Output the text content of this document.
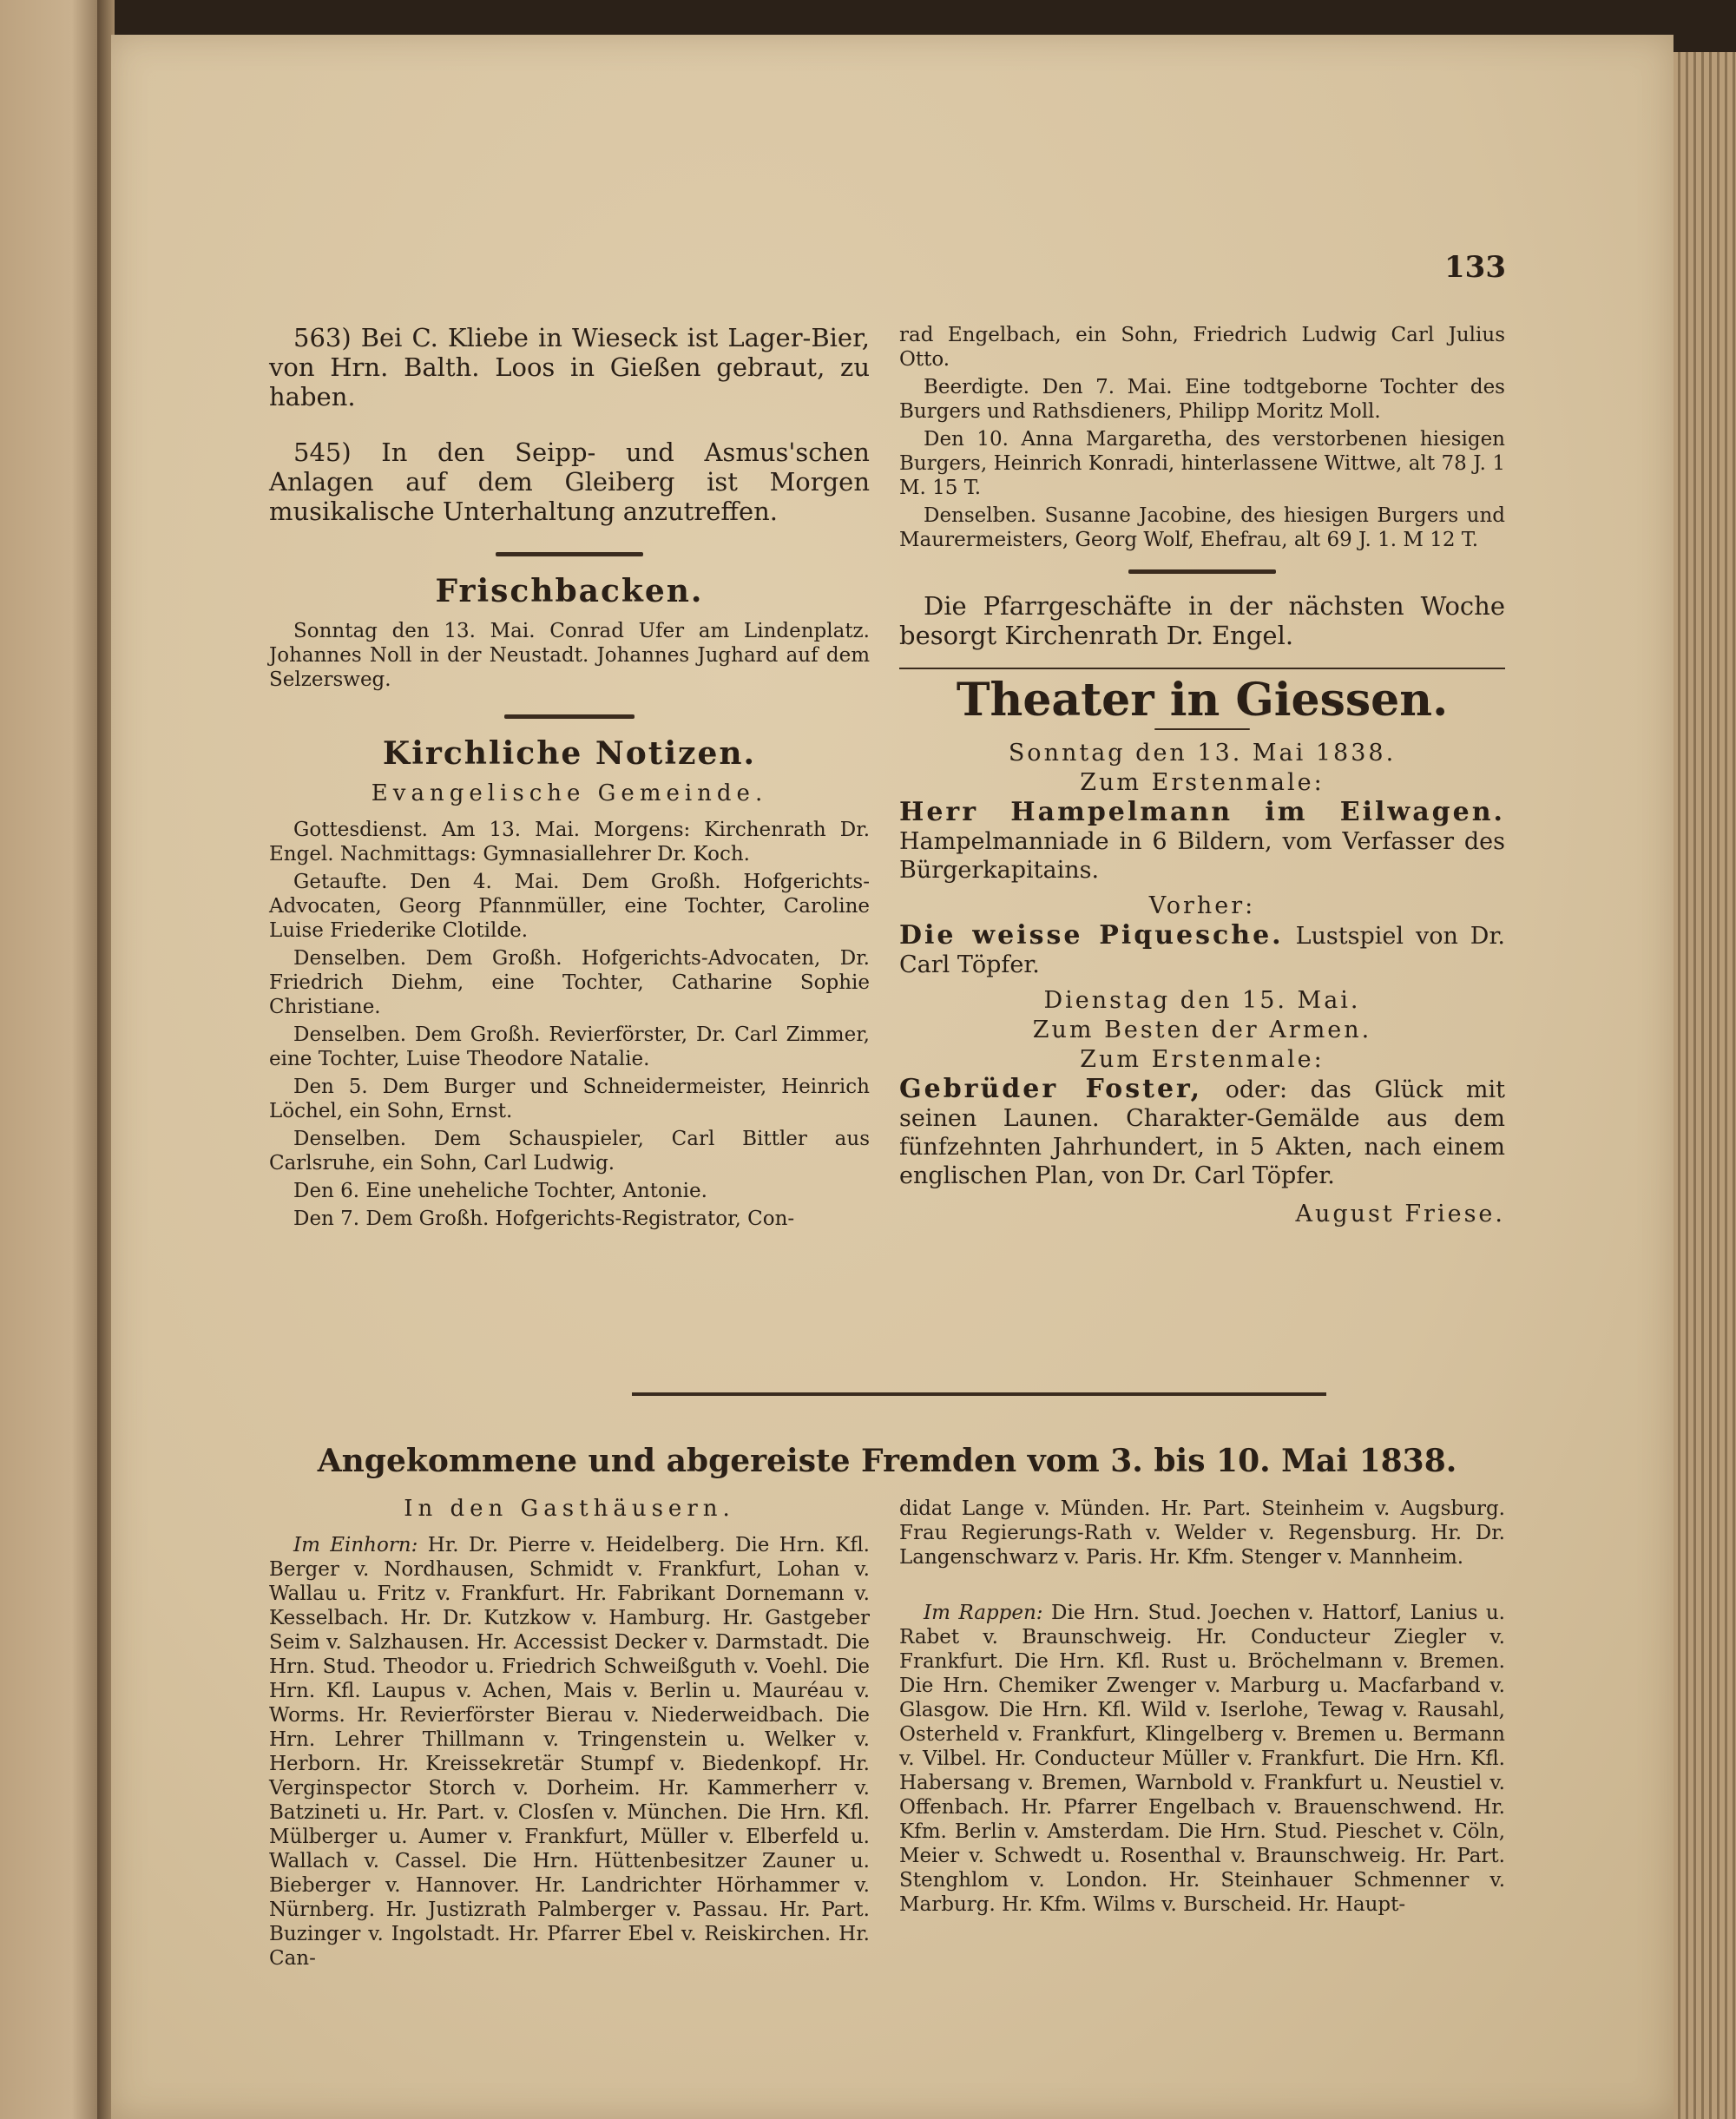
133

563) Bei C. Kliebe in Wieseck ist Lager-Bier, von Hrn. Balth. Loos in Gießen gebraut, zu haben.

545) In den Seipp- und Asmus'schen Anlagen auf dem Gleiberg ist Morgen musikalische Unterhaltung anzutreffen.

Frischbacken.

Sonntag den 13. Mai. Conrad Ufer am Lindenplatz. Johannes Noll in der Neustadt. Johannes Jughard auf dem Selzersweg.

Kirchliche Notizen.
Evangelische Gemeinde.

Gottesdienst. Am 13. Mai. Morgens: Kirchenrath Dr. Engel. Nachmittags: Gymnasiallehrer Dr. Koch.

Getaufte. Den 4. Mai. Dem Großh. Hofgerichts-Advocaten, Georg Pfannmüller, eine Tochter, Caroline Luise Friederike Clotilde.

Denselben. Dem Großh. Hofgerichts-Advocaten, Dr. Friedrich Diehm, eine Tochter, Catharine Sophie Christiane.

Denselben. Dem Großh. Revierförster, Dr. Carl Zimmer, eine Tochter, Luise Theodore Natalie.

Den 5. Dem Burger und Schneidermeister, Heinrich Löchel, ein Sohn, Ernst.

Denselben. Dem Schauspieler, Carl Bittler aus Carlsruhe, ein Sohn, Carl Ludwig.

Den 6. Eine uneheliche Tochter, Antonie.

Den 7. Dem Großh. Hofgerichts-Registrator, Con-

rad Engelbach, ein Sohn, Friedrich Ludwig Carl Julius Otto.

Beerdigte. Den 7. Mai. Eine todtgeborne Tochter des Burgers und Rathsdieners, Philipp Moritz Moll.

Den 10. Anna Margaretha, des verstorbenen hiesigen Burgers, Heinrich Konradi, hinterlassene Wittwe, alt 78 J. 1 M. 15 T.

Denselben. Susanne Jacobine, des hiesigen Burgers und Maurermeisters, Georg Wolf, Ehefrau, alt 69 J. 1. M 12 T.

Die Pfarrgeschäfte in der nächsten Woche besorgt Kirchenrath Dr. Engel.

Theater in Giessen.
Sonntag den 13. Mai 1838.
Zum Erstenmale:

Herr Hampelmann im Eilwagen. Hampelmanniade in 6 Bildern, vom Verfasser des Bürgerkapitains.

Vorher:

Die weisse Piquesche. Lustspiel von Dr. Carl Töpfer.

Dienstag den 15. Mai.
Zum Besten der Armen.
Zum Erstenmale:

Gebrüder Foster, oder: das Glück mit seinen Launen. Charakter-Gemälde aus dem fünfzehnten Jahrhundert, in 5 Akten, nach einem englischen Plan, von Dr. Carl Töpfer.

August Friese.
Angekommene und abgereiste Fremden vom 3. bis 10. Mai 1838.
In den Gasthäusern.

Im Einhorn: Hr. Dr. Pierre v. Heidelberg. Die Hrn. Kfl. Berger v. Nordhausen, Schmidt v. Frankfurt, Lohan v. Wallau u. Fritz v. Frankfurt. Hr. Fabrikant Dornemann v. Kesselbach. Hr. Dr. Kutzkow v. Hamburg. Hr. Gastgeber Seim v. Salzhausen. Hr. Accessist Decker v. Darmstadt. Die Hrn. Stud. Theodor u. Friedrich Schweißguth v. Voehl. Die Hrn. Kfl. Laupus v. Achen, Mais v. Berlin u. Mauréau v. Worms. Hr. Revierförster Bierau v. Niederweidbach. Die Hrn. Lehrer Thillmann v. Tringenstein u. Welker v. Herborn. Hr. Kreissekretär Stumpf v. Biedenkopf. Hr. Verginspector Storch v. Dorheim. Hr. Kammerherr v. Batzineti u. Hr. Part. v. Closſen v. München. Die Hrn. Kfl. Mülberger u. Aumer v. Frankfurt, Müller v. Elberfeld u. Wallach v. Cassel. Die Hrn. Hüttenbesitzer Zauner u. Bieberger v. Hannover. Hr. Landrichter Hörhammer v. Nürnberg. Hr. Justizrath Palmberger v. Passau. Hr. Part. Buzinger v. Ingolstadt. Hr. Pfarrer Ebel v. Reiskirchen. Hr. Can-

didat Lange v. Münden. Hr. Part. Steinheim v. Augsburg. Frau Regierungs-Rath v. Welder v. Regensburg. Hr. Dr. Langenschwarz v. Paris. Hr. Kfm. Stenger v. Mannheim.

Im Rappen: Die Hrn. Stud. Joechen v. Hattorf, Lanius u. Rabet v. Braunschweig. Hr. Conducteur Ziegler v. Frankfurt. Die Hrn. Kfl. Rust u. Bröchelmann v. Bremen. Die Hrn. Chemiker Zwenger v. Marburg u. Macfarband v. Glasgow. Die Hrn. Kfl. Wild v. Iserlohe, Tewag v. Rausahl, Osterheld v. Frankfurt, Klingelberg v. Bremen u. Bermann v. Vilbel. Hr. Conducteur Müller v. Frankfurt. Die Hrn. Kfl. Habersang v. Bremen, Warnbold v. Frankfurt u. Neustiel v. Offenbach. Hr. Pfarrer Engelbach v. Brauenschwend. Hr. Kfm. Berlin v. Amsterdam. Die Hrn. Stud. Pieschet v. Cöln, Meier v. Schwedt u. Rosenthal v. Braunschweig. Hr. Part. Stenghlom v. London. Hr. Steinhauer Schmenner v. Marburg. Hr. Kfm. Wilms v. Burscheid. Hr. Haupt-
